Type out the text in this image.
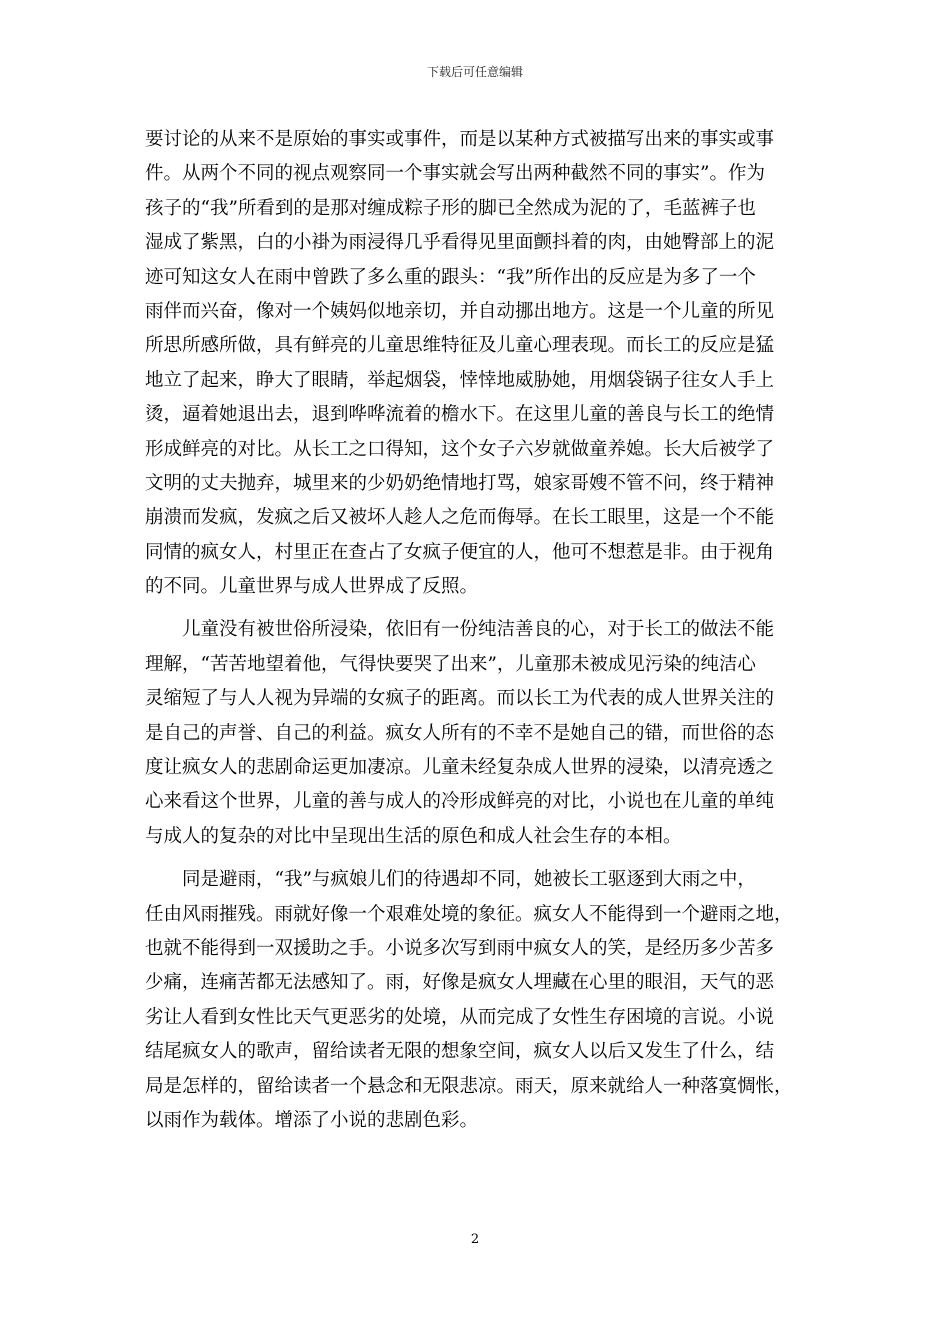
下载后可任意编辑
要讨论的从来不是原始的事实或事件，而是以某种方式被描写出来的事实或事
件。从两个不同的视点观察同一个事实就会写出两种截然不同的事实”。作为
孩子的“我”所看到的是那对缠成粽子形的脚已全然成为泥的了，毛蓝裤子也
湿成了紫黑，白的小褂为雨浸得几乎看得见里面颤抖着的肉，由她臀部上的泥
迹可知这女人在雨中曾跌了多么重的跟头：“我”所作出的反应是为多了一个
雨伴而兴奋，像对一个姨妈似地亲切，并自动挪出地方。这是一个儿童的所见
所思所感所做，具有鲜亮的儿童思维特征及儿童心理表现。而长工的反应是猛
地立了起来，睁大了眼睛，举起烟袋，悻悻地威胁她，用烟袋锅子往女人手上
烫，逼着她退出去，退到哗哗流着的檐水下。在这里儿童的善良与长工的绝情
形成鲜亮的对比。从长工之口得知，这个女子六岁就做童养媳。长大后被学了
文明的丈夫抛弃，城里来的少奶奶绝情地打骂，娘家哥嫂不管不问，终于精神
崩溃而发疯，发疯之后又被坏人趁人之危而侮辱。在长工眼里，这是一个不能
同情的疯女人，村里正在查占了女疯子便宜的人，他可不想惹是非。由于视角
的不同。儿童世界与成人世界成了反照。
儿童没有被世俗所浸染，依旧有一份纯洁善良的心，对于长工的做法不能
理解，“苦苦地望着他，气得快要哭了出来”，儿童那未被成见污染的纯洁心
灵缩短了与人人视为异端的女疯子的距离。而以长工为代表的成人世界关注的
是自己的声誉、自己的利益。疯女人所有的不幸不是她自己的错，而世俗的态
度让疯女人的悲剧命运更加凄凉。儿童未经复杂成人世界的浸染，以清亮透之
心来看这个世界，儿童的善与成人的冷形成鲜亮的对比，小说也在儿童的单纯
与成人的复杂的对比中呈现出生活的原色和成人社会生存的本相。
同是避雨，“我”与疯娘儿们的待遇却不同，她被长工驱逐到大雨之中，
任由风雨摧残。雨就好像一个艰难处境的象征。疯女人不能得到一个避雨之地，
也就不能得到一双援助之手。小说多次写到雨中疯女人的笑，是经历多少苦多
少痛，连痛苦都无法感知了。雨，好像是疯女人埋藏在心里的眼泪，天气的恶
劣让人看到女性比天气更恶劣的处境，从而完成了女性生存困境的言说。小说
结尾疯女人的歌声，留给读者无限的想象空间，疯女人以后又发生了什么，结
局是怎样的，留给读者一个悬念和无限悲凉。雨天，原来就给人一种落寞惆怅，
以雨作为载体。增添了小说的悲剧色彩。
2
